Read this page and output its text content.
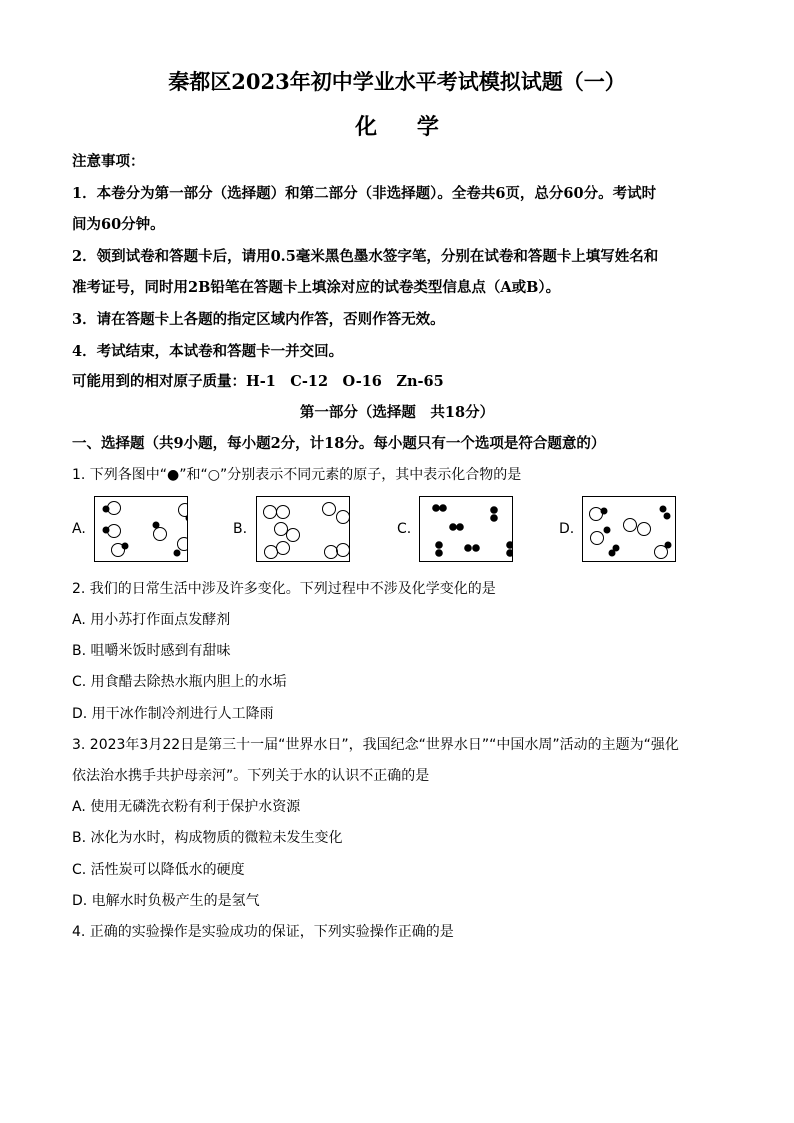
秦都区2023年初中学业水平考试模拟试题（一）
化 学
注意事项：
1．本卷分为第一部分（选择题）和第二部分（非选择题）。全卷共6页，总分60分。考试时
间为60分钟。
2．领到试卷和答题卡后，请用0.5毫米黑色墨水签字笔，分别在试卷和答题卡上填写姓名和
准考证号，同时用2B铅笔在答题卡上填涂对应的试卷类型信息点（A或B）。
3．请在答题卡上各题的指定区域内作答，否则作答无效。
4．考试结束，本试卷和答题卡一并交回。
可能用到的相对原子质量：H-1　C-12　O-16　Zn-65
第一部分（选择题　共18分）
一、选择题（共9小题，每小题2分，计18分。每小题只有一个选项是符合题意的）
1. 下列各图中“●”和“○”分别表示不同元素的原子，其中表示化合物的是
A.	B.	C.	D.
2. 我们的日常生活中涉及许多变化。下列过程中不涉及化学变化的是
A. 用小苏打作面点发酵剂
B. 咀嚼米饭时感到有甜味
C. 用食醋去除热水瓶内胆上的水垢
D. 用干冰作制冷剂进行人工降雨
3. 2023年3月22日是第三十一届“世界水日”，我国纪念“世界水日”“中国水周”活动的主题为“强化
依法治水携手共护母亲河”。下列关于水的认识不正确的是
A. 使用无磷洗衣粉有利于保护水资源
B. 冰化为水时，构成物质的微粒未发生变化
C. 活性炭可以降低水的硬度
D. 电解水时负极产生的是氢气
4. 正确的实验操作是实验成功的保证，下列实验操作正确的是
